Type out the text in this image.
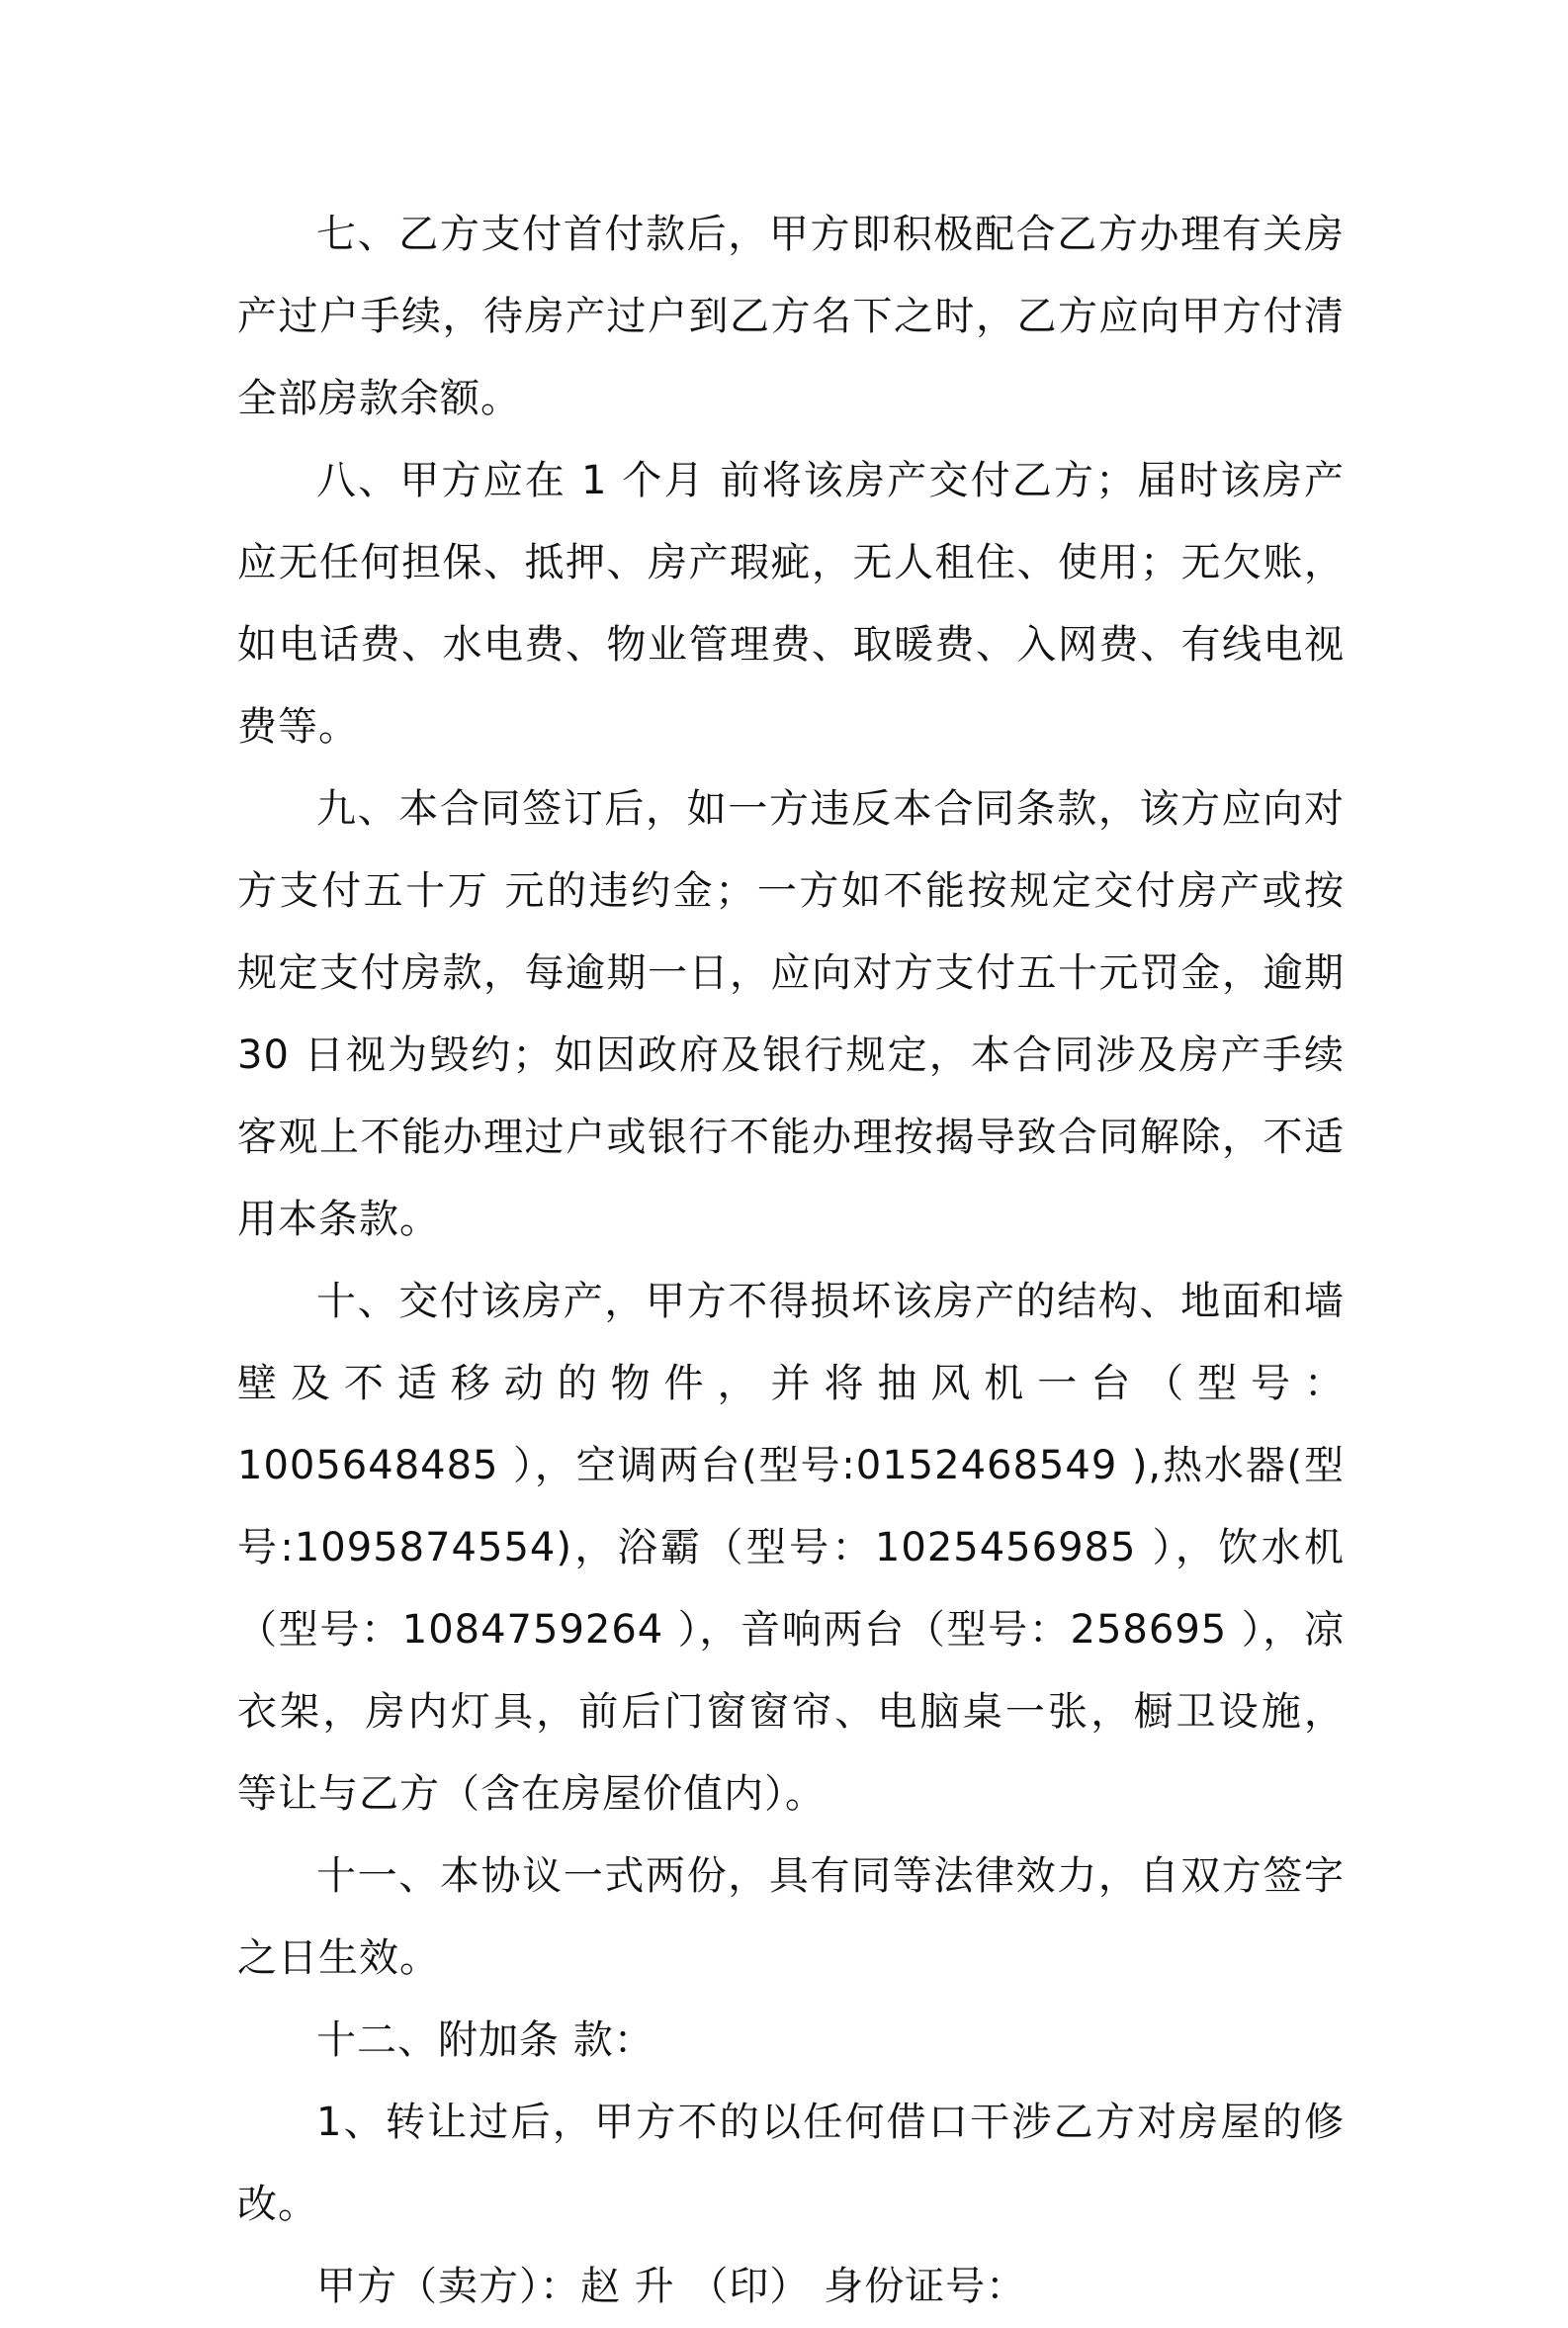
七、乙方支付首付款后，甲方即积极配合乙方办理有关房产过户手续，待房产过户到乙方名下之时，乙方应向甲方付清全部房款余额。

八、甲方应在 1 个月 前将该房产交付乙方；届时该房产应无任何担保、抵押、房产瑕疵，无人租住、使用；无欠账，如电话费、水电费、物业管理费、取暖费、入网费、有线电视费等。

九、本合同签订后，如一方违反本合同条款，该方应向对方支付五十万 元的违约金；一方如不能按规定交付房产或按规定支付房款，每逾期一日，应向对方支付五十元罚金，逾期 30 日视为毁约；如因政府及银行规定，本合同涉及房产手续客观上不能办理过户或银行不能办理按揭导致合同解除，不适用本条款。

十、交付该房产，甲方不得损坏该房产的结构、地面和墙壁及不适移动的物件，并将抽风机一台（型号：1005648485 ），空调两台(型号:0152468549 ),热水器(型号:1095874554)，浴霸（型号：1025456985 ），饮水机（型号：1084759264 ），音响两台（型号：258695 ），凉衣架，房内灯具，前后门窗窗帘、电脑桌一张，橱卫设施， 等让与乙方（含在房屋价值内）。

十一、本协议一式两份，具有同等法律效力，自双方签字之日生效。

十二、附加条 款：

1、转让过后，甲方不的以任何借口干涉乙方对房屋的修改。

甲方（卖方）：赵 升 （印） 身份证号：
